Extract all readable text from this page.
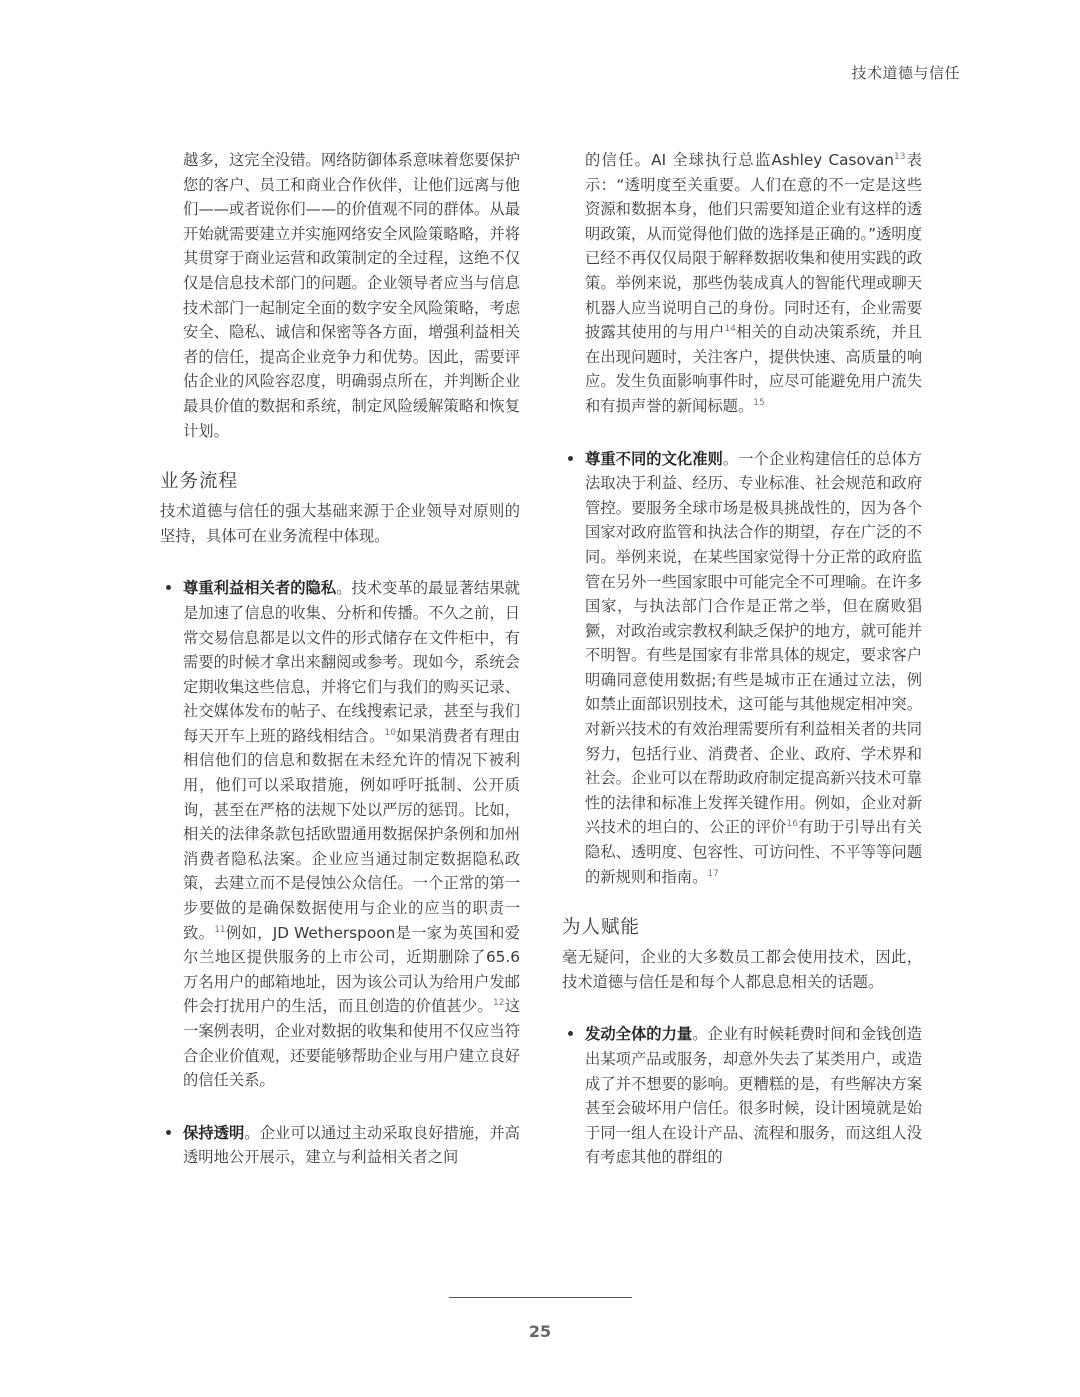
技术道德与信任

越多，这完全没错。网络防御体系意味着您要保护您的客户、员工和商业合作伙伴，让他们远离与他们——或者说你们——的价值观不同的群体。从最开始就需要建立并实施网络安全风险策略略，并将其贯穿于商业运营和政策制定的全过程，这绝不仅仅是信息技术部门的问题。企业领导者应当与信息技术部门一起制定全面的数字安全风险策略，考虑安全、隐私、诚信和保密等各方面，增强利益相关者的信任，提高企业竞争力和优势。因此，需要评估企业的风险容忍度，明确弱点所在，并判断企业最具价值的数据和系统，制定风险缓解策略和恢复计划。

业务流程

技术道德与信任的强大基础来源于企业领导对原则的坚持，具体可在业务流程中体现。

尊重利益相关者的隐私。技术变革的最显著结果就是加速了信息的收集、分析和传播。不久之前，日常交易信息都是以文件的形式储存在文件柜中，有需要的时候才拿出来翻阅或参考。现如今，系统会定期收集这些信息，并将它们与我们的购买记录、社交媒体发布的帖子、在线搜索记录，甚至与我们每天开车上班的路线相结合。$^{10}$如果消费者有理由相信他们的信息和数据在未经允许的情况下被利用，他们可以采取措施，例如呼吁抵制、公开质询，甚至在严格的法规下处以严厉的惩罚。比如，相关的法律条款包括欧盟通用数据保护条例和加州消费者隐私法案。企业应当通过制定数据隐私政策，去建立而不是侵蚀公众信任。一个正常的第一步要做的是确保数据使用与企业的应当的职责一致。$^{11}$例如，JD Wetherspoon是一家为英国和爱尔兰地区提供服务的上市公司，近期删除了65.6万名用户的邮箱地址，因为该公司认为给用户发邮件会打扰用户的生活，而且创造的价值甚少。$^{12}$这一案例表明，企业对数据的收集和使用不仅应当符合企业价值观，还要能够帮助企业与用户建立良好的信任关系。
保持透明。企业可以通过主动采取良好措施，并高透明地公开展示，建立与利益相关者之间

的信任。AI 全球执行总监Ashley Casovan$^{13}$表示：“透明度至关重要。人们在意的不一定是这些资源和数据本身，他们只需要知道企业有这样的透明政策，从而觉得他们做的选择是正确的。”透明度已经不再仅仅局限于解释数据收集和使用实践的政策。举例来说，那些伪装成真人的智能代理或聊天机器人应当说明自己的身份。同时还有，企业需要披露其使用的与用户$^{14}$相关的自动决策系统，并且在出现问题时，关注客户，提供快速、高质量的响应。发生负面影响事件时，应尽可能避免用户流失和有损声誉的新闻标题。$^{15}$

尊重不同的文化准则。一个企业构建信任的总体方法取决于利益、经历、专业标准、社会规范和政府管控。要服务全球市场是极具挑战性的，因为各个国家对政府监管和执法合作的期望，存在广泛的不同。举例来说，在某些国家觉得十分正常的政府监管在另外一些国家眼中可能完全不可理喻。在许多国家，与执法部门合作是正常之举，但在腐败猖獗，对政治或宗教权利缺乏保护的地方，就可能并不明智。有些是国家有非常具体的规定，要求客户明确同意使用数据;有些是城市正在通过立法，例如禁止面部识别技术，这可能与其他规定相冲突。对新兴技术的有效治理需要所有利益相关者的共同努力，包括行业、消费者、企业、政府、学术界和社会。企业可以在帮助政府制定提高新兴技术可靠性的法律和标准上发挥关键作用。例如，企业对新兴技术的坦白的、公正的评价$^{16}$有助于引导出有关隐私、透明度、包容性、可访问性、不平等等问题的新规则和指南。$^{17}$
为人赋能

毫无疑问，企业的大多数员工都会使用技术，因此，技术道德与信任是和每个人都息息相关的话题。

发动全体的力量。企业有时候耗费时间和金钱创造出某项产品或服务，却意外失去了某类用户，或造成了并不想要的影响。更糟糕的是，有些解决方案甚至会破坏用户信任。很多时候，设计困境就是始于同一组人在设计产品、流程和服务，而这组人没有考虑其他的群组的
25
